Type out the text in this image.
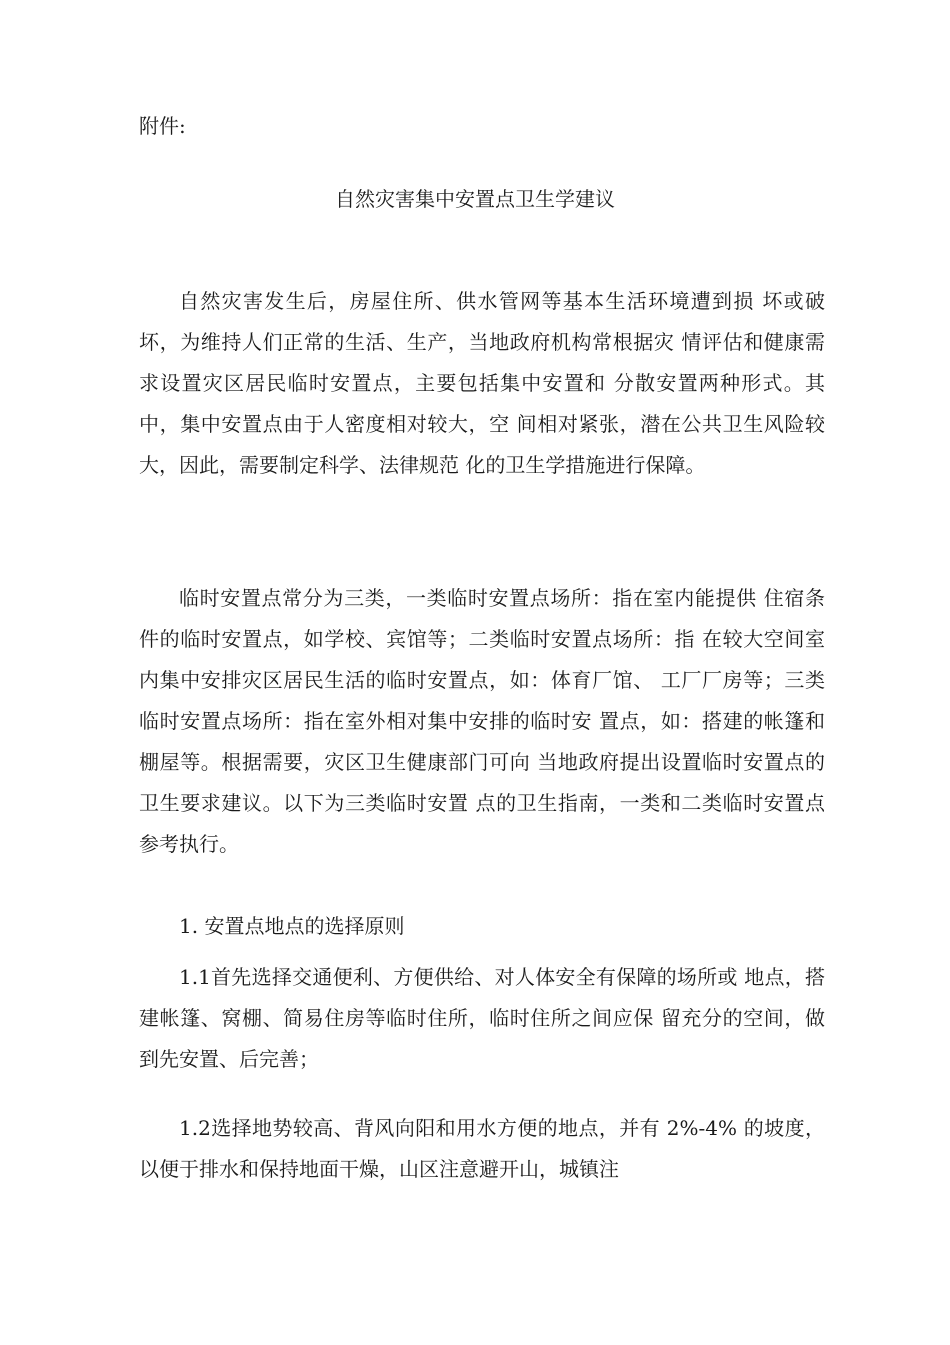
附件:

自然灾害集中安置点卫生学建议

自然灾害发生后，房屋住所、供水管网等基本生活环境遭到损 坏或破坏，为维持人们正常的生活、生产，当地政府机构常根据灾 情评估和健康需求设置灾区居民临时安置点，主要包括集中安置和 分散安置两种形式。其中，集中安置点由于人密度相对较大，空 间相对紧张，潜在公共卫生风险较大，因此，需要制定科学、法律规范 化的卫生学措施进行保障。

临时安置点常分为三类，一类临时安置点场所：指在室内能提供 住宿条件的临时安置点，如学校、宾馆等；二类临时安置点场所：指 在较大空间室内集中安排灾区居民生活的临时安置点，如：体育厂馆、 工厂厂房等；三类临时安置点场所：指在室外相对集中安排的临时安 置点，如：搭建的帐篷和棚屋等。根据需要，灾区卫生健康部门可向 当地政府提出设置临时安置点的卫生要求建议。以下为三类临时安置 点的卫生指南，一类和二类临时安置点参考执行。

1. 安置点地点的选择原则

1.1首先选择交通便利、方便供给、对人体安全有保障的场所或 地点，搭建帐篷、窝棚、简易住房等临时住所，临时住所之间应保 留充分的空间，做到先安置、后完善；

1.2选择地势较高、背风向阳和用水方便的地点，并有 2%-4% 的坡度，以便于排水和保持地面干燥，山区注意避开山，城镇注
